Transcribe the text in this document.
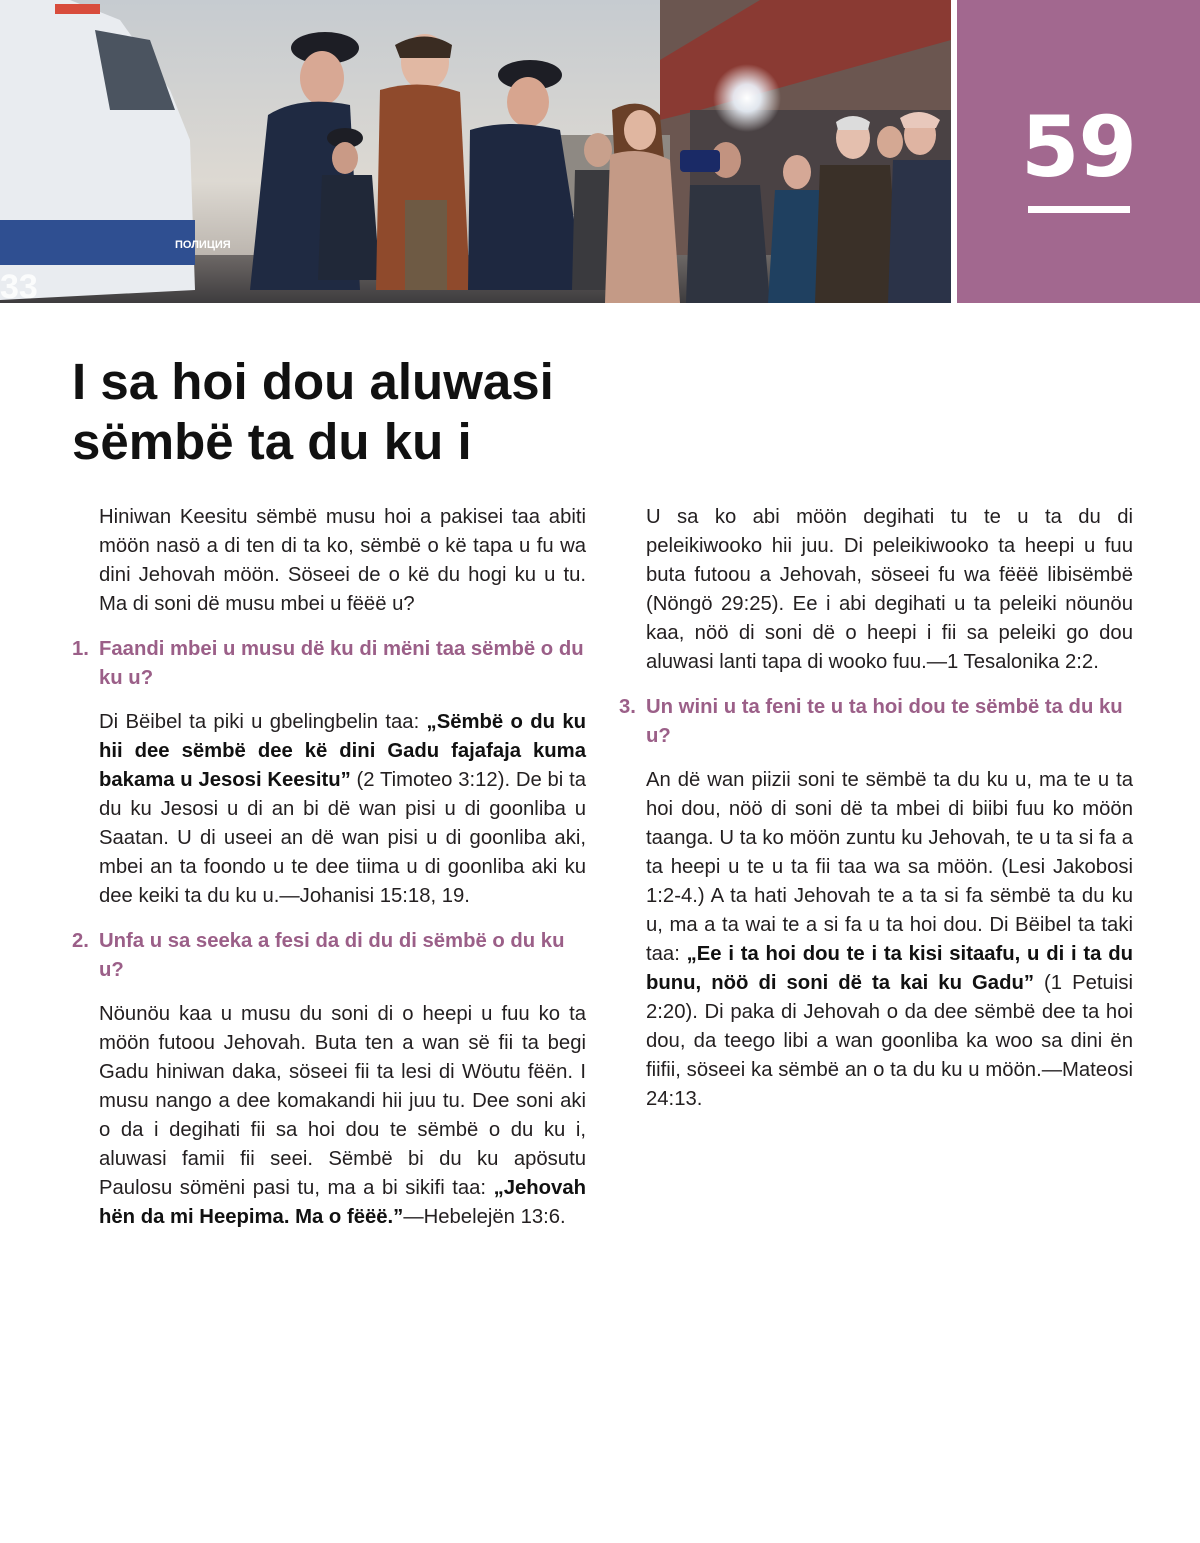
ПОЛИЦИЯ
33
59
I sa hoi dou aluwasi
sëmbë ta du ku i

Hiniwan Keesitu sëmbë musu hoi a pakisei taa abiti möön nasö a di ten di ta ko, sëmbë o kë tapa u fu wa dini Jehovah möön. Söseei de o kë du hogi ku u tu. Ma di soni dë musu mbei u fëëë u?

1. Faandi mbei u musu dë ku di mëni taa sëmbë o du ku u?

Di Bëibel ta piki u gbelingbelin taa: „Sëmbë o du ku hii dee sëmbë dee kë dini Gadu fajafaja kuma bakama u Jesosi Keesitu” (2 Timoteo 3:12). De bi ta du ku Jesosi u di an bi dë wan pisi u di goonliba u Saatan. U di useei an dë wan pisi u di goonliba aki, mbei an ta foondo u te dee tiima u di goonliba aki ku dee keiki ta du ku u.—Johanisi 15:18, 19.

2. Unfa u sa seeka a fesi da di du di sëmbë o du ku u?

Nöunöu kaa u musu du soni di o heepi u fuu ko ta möön futoou Jehovah. Buta ten a wan së fii ta begi Gadu hiniwan daka, söseei fii ta lesi di Wöutu fëën. I musu nango a dee komakandi hii juu tu. Dee soni aki o da i degihati fii sa hoi dou te sëmbë o du ku i, aluwasi famii fii seei. Sëmbë bi du ku apösutu Paulosu sömëni pasi tu, ma a bi sikifi taa: „Jehovah hën da mi Heepima. Ma o fëëë.”—Hebelejën 13:6.

U sa ko abi möön degihati tu te u ta du di peleikiwooko hii juu. Di peleikiwooko ta heepi u fuu buta futoou a Jehovah, söseei fu wa fëëë libisëmbë (Nöngö 29:25). Ee i abi degihati u ta peleiki nöunöu kaa, nöö di soni dë o heepi i fii sa peleiki go dou aluwasi lanti tapa di wooko fuu.—1 Tesalonika 2:2.

3. Un wini u ta feni te u ta hoi dou te sëmbë ta du ku u?

An dë wan piizii soni te sëmbë ta du ku u, ma te u ta hoi dou, nöö di soni dë ta mbei di biibi fuu ko möön taanga. U ta ko möön zuntu ku Jehovah, te u ta si fa a ta heepi u te u ta fii taa wa sa möön. (Lesi Jakobosi 1:2-4.) A ta hati Jehovah te a ta si fa sëmbë ta du ku u, ma a ta wai te a si fa u ta hoi dou. Di Bëibel ta taki taa: „Ee i ta hoi dou te i ta kisi sitaafu, u di i ta du bunu, nöö di soni dë ta kai ku Gadu” (1 Petuisi 2:20). Di paka di Jehovah o da dee sëmbë dee ta hoi dou, da teego libi a wan goonliba ka woo sa dini ën fiifii, söseei ka sëmbë an o ta du ku u möön.—Mateosi 24:13.
